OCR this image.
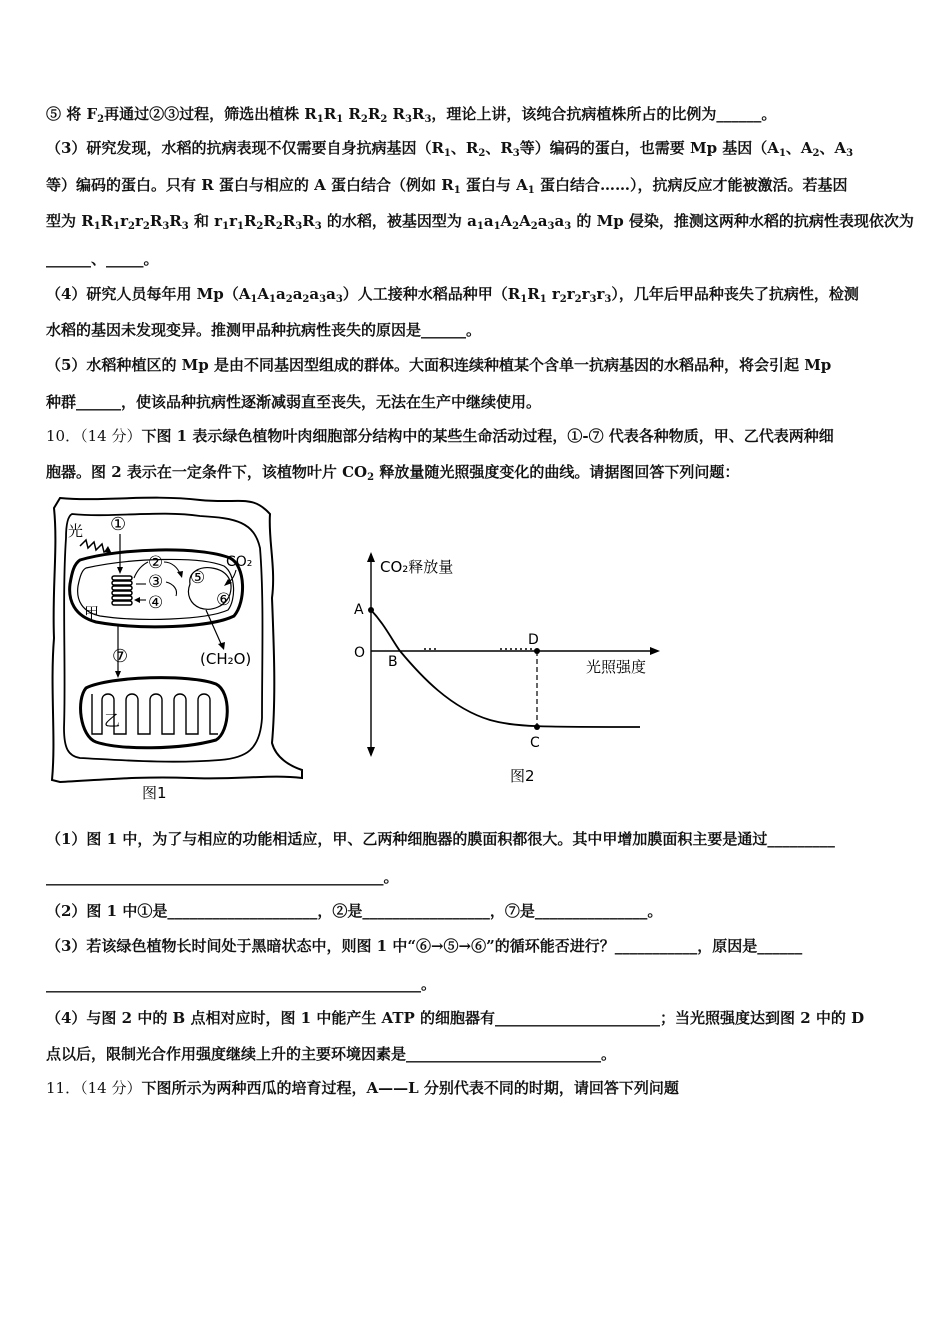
⑤ 将 $F_2$再通过②③过程，筛选出植株 $R_1R_1$ $R_2R_2$ $R_3R_3$，理论上讲，该纯合抗病植株所占的比例为______。
（3）研究发现，水稻的抗病表现不仅需要自身抗病基因（$R_1$、$R_2$、$R_3$等）编码的蛋白，也需要 Mp 基因（$A_1$、$A_2$、$A_3$
等）编码的蛋白。只有 R 蛋白与相应的 A 蛋白结合（例如 $R_1$ 蛋白与 $A_1$ 蛋白结合……），抗病反应才能被激活。若基因
型为 $R_1R_1r_2r_2R_3R_3$ 和 $r_1r_1R_2R_2R_3R_3$ 的水稻，被基因型为 $a_1a_1A_2A_2a_3a_3$ 的 Mp 侵染，推测这两种水稻的抗病性表现依次为
______、_____。
（4）研究人员每年用 $Mp(A_1A_1a_2a_2a_3a_3)$人工接种水稻品种甲（$R_1R_1$ $r_2r_2r_3r_3$），几年后甲品种丧失了抗病性，检测
水稻的基因未发现变异。推测甲品种抗病性丧失的原因是______。
（5）水稻种植区的 Mp 是由不同基因型组成的群体。大面积连续种植某个含单一抗病基因的水稻品种，将会引起 Mp
种群______，使该品种抗病性逐渐减弱直至丧失，无法在生产中继续使用。
10．（14 分）下图 1 表示绿色植物叶肉细胞部分结构中的某些生命活动过程，①-⑦ 代表各种物质，甲、乙代表两种细
胞器。图 2 表示在一定条件下，该植物叶片 $CO_2$ 释放量随光照强度变化的曲线。请据图回答下列问题：
光 ①
②
③
④
⑤
⑥
CO₂
(CH₂O)
甲
⑦
乙
图1
CO₂释放量
光照强度
A
O
B
D
C
图2
（1）图 1 中，为了与相应的功能相适应，甲、乙两种细胞器的膜面积都很大。其中甲增加膜面积主要是通过_________
_____________________________________________。
（2）图 1 中①是____________________，②是_________________，⑦是_______________。
（3）若该绿色植物长时间处于黑暗状态中，则图 1 中“⑥→⑤→⑥”的循环能否进行？___________，原因是______
__________________________________________________。
（4）与图 2 中的 B 点相对应时，图 1 中能产生 ATP 的细胞器有______________________；当光照强度达到图 2 中的 D
点以后，限制光合作用强度继续上升的主要环境因素是__________________________。
11．（14 分）下图所示为两种西瓜的培育过程，A——L 分别代表不同的时期，请回答下列问题
